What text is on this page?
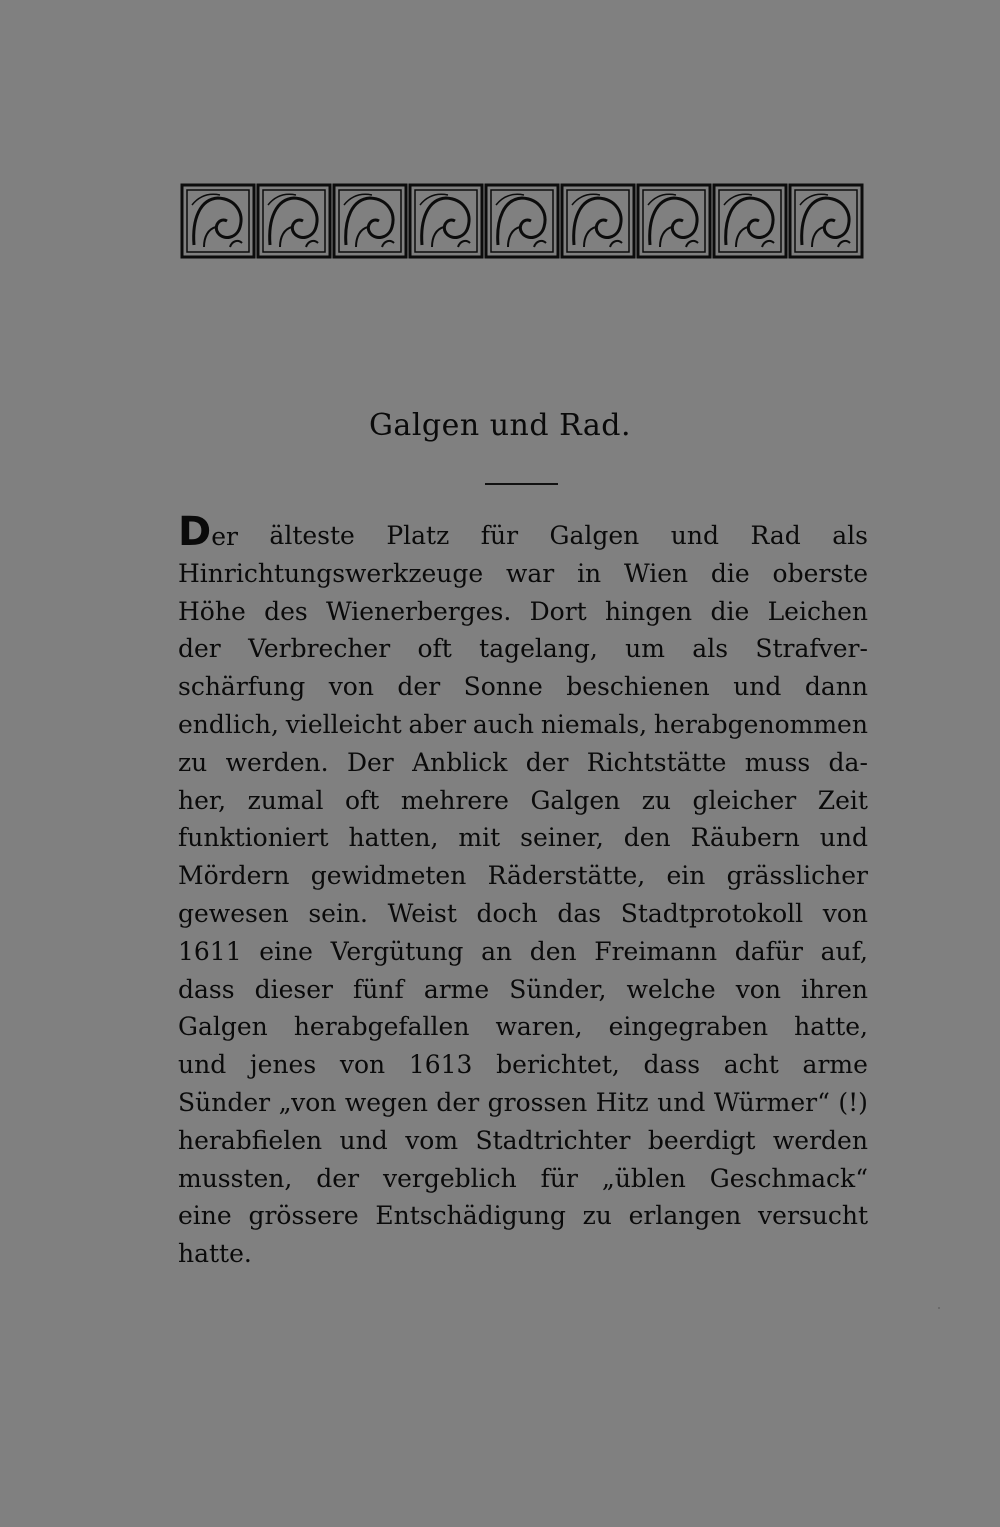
Galgen und Rad.
Der älteste Platz für Galgen und Rad als
Hinrichtungswerkzeuge war in Wien die oberste
Höhe des Wienerberges. Dort hingen die Leichen
der Verbrecher oft tagelang, um als Strafver-
schärfung von der Sonne beschienen und dann
endlich, vielleicht aber auch niemals, herabgenommen
zu werden. Der Anblick der Richtstätte muss da-
her, zumal oft mehrere Galgen zu gleicher Zeit
funktioniert hatten, mit seiner, den Räubern und
Mördern gewidmeten Räderstätte, ein grässlicher
gewesen sein. Weist doch das Stadtprotokoll von
1611 eine Vergütung an den Freimann dafür auf,
dass dieser fünf arme Sünder, welche von ihren
Galgen herabgefallen waren, eingegraben hatte,
und jenes von 1613 berichtet, dass acht arme
Sünder „von wegen der grossen Hitz und Würmer“ (!)
herabfielen und vom Stadtrichter beerdigt werden
mussten, der vergeblich für „üblen Geschmack“
eine grössere Entschädigung zu erlangen versucht
hatte.
